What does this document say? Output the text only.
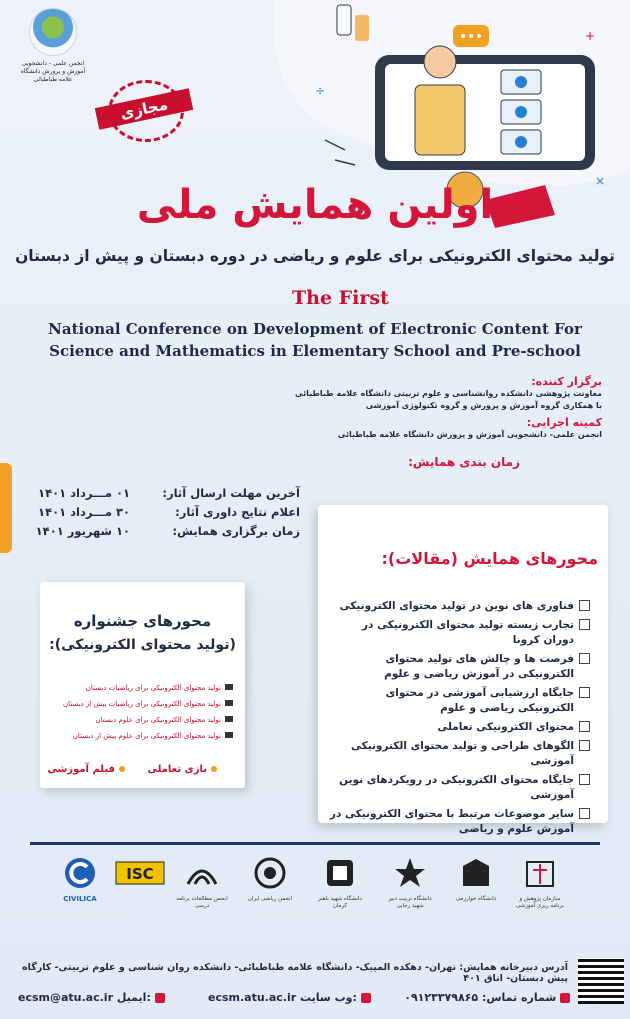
انجمن علمی - دانشجویی آموزش و پرورش دانشگاه علامه طباطبائی
مجازی
÷
+
×
اولین همایش ملی
تولید محتوای الکترونیکی برای علوم و ریاضی در دوره دبستان و پیش از دبستان
The First
National Conference on Development of Electronic Content For
Science and Mathematics in Elementary School and Pre-school
برگزار کننده:
معاونت پژوهشی دانشکده روانشناسی و علوم تربیتی دانشگاه علامه طباطبائی
با همکاری گروه آموزش و پرورش و گروه تکنولوژی آموزشی
کمیته اجرایی:
انجمن علمی- دانشجویی آموزش و پرورش دانشگاه علامه طباطبائی
زمان بندی همایش:
آخرین مهلت ارسال آثار:
۰۱ مـــرداد ۱۴۰۱
اعلام نتایج داوری آثار:
۳۰ مـــرداد ۱۴۰۱
زمان برگزاری همایش:
۱۰ شهریور ۱۴۰۱
محورهای همایش (مقالات):
فناوری های نوین در تولید محتوای الکترونیکی
تجارب زیسته تولید محتوای الکترونیکی در دوران کرونا
فرصت ها و چالش های تولید محتوای الکترونیکی در آموزش ریاضی و علوم
جایگاه ارزشیابی آموزشی در محتوای الکترونیکی ریاضی و علوم
محتوای الکترونیکی تعاملی
الگوهای طراحی و تولید محتوای الکترونیکی آموزشی
جایگاه محتوای الکترونیکی در رویکردهای نوین آموزشی
سایر موضوعات مرتبط با محتوای الکترونیکی در آموزش علوم و ریاضی
محورهای جشنواره
(تولید محتوای الکترونیکی):
تولید محتوای الکترونیکی برای ریاضیات دبستان
تولید محتوای الکترونیکی برای ریاضیات پیش از دبستان
تولید محتوای الکترونیکی برای علوم دبستان
تولید محتوای الکترونیکی برای علوم پیش از دبستان
بازی تعاملی
فیلم آموزشی
سازمان پژوهش و برنامه ریزی آموزشی
دانشگاه خوارزمی
دانشگاه تربیت دبیر شهید رجایی
دانشگاه شهید باهنر کرمان
انجمن ریاضی ایران
انجمن مطالعات برنامه درسی
ISC
CIVILICA
آدرس دبیرخانه همایش: تهران- دهکده المپیک- دانشگاه علامه طباطبائی- دانشکده روان شناسی و علوم تربیتی- کارگاه پیش دبستان- اتاق ۴۰۱
شماره تماس: ۰۹۱۲۳۳۷۹۸۶۵
ecsm.atu.ac.ir وب سایت:
ecsm@atu.ac.ir ایمیل:
